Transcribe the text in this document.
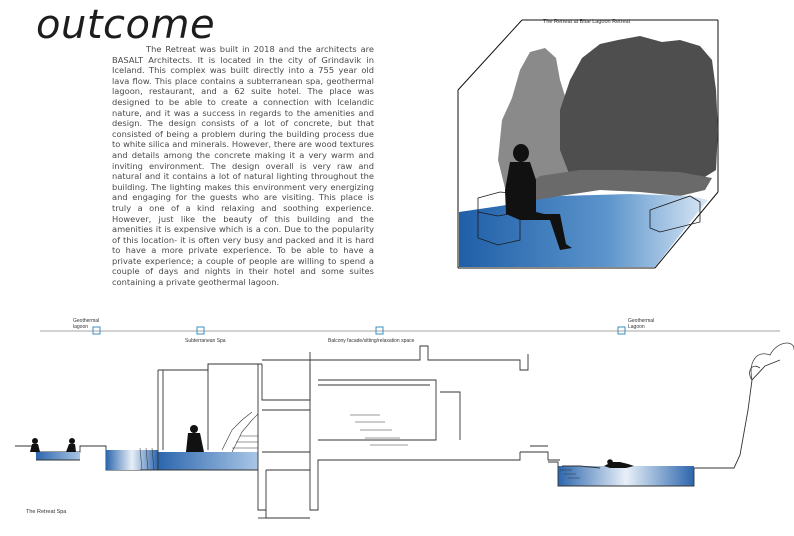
outcome
The Retreat was built in 2018 and the architects are BASALT Architects. It is located in the city of Grindavik in Iceland. This complex was built directly into a 755 year old lava flow. This place contains a subterranean spa, geothermal lagoon, restaurant, and a 62 suite hotel. The place was designed to be able to create a connection with Icelandic nature, and it was a success in regards to the amenities and design. The design consists of a lot of concrete, but that consisted of being a problem during the building process due to white silica and minerals. However, there are wood textures and details among the concrete making it a very warm and inviting environment. The design overall is very raw and natural and it contains a lot of natural lighting throughout the building. The lighting makes this environment very energizing and engaging for the guests who are visiting. This place is truly a one of a kind relaxing and soothing experience. However, just like the beauty of this building and the amenities it is expensive which is a con. Due to the popularity of this location- it is often very busy and packed and it is hard to have a more private experience. To be able to have a private experience; a couple of people are willing to spend a couple of days and nights in their hotel and some suites containing a private geothermal lagoon.
The Retreat at Blue Lagoon Retreat
Geothermal
lagoon
Subterranean Spa	Balcony facade/sitting/relaxation space
Geothermal
Lagoon
The Retreat Spa
